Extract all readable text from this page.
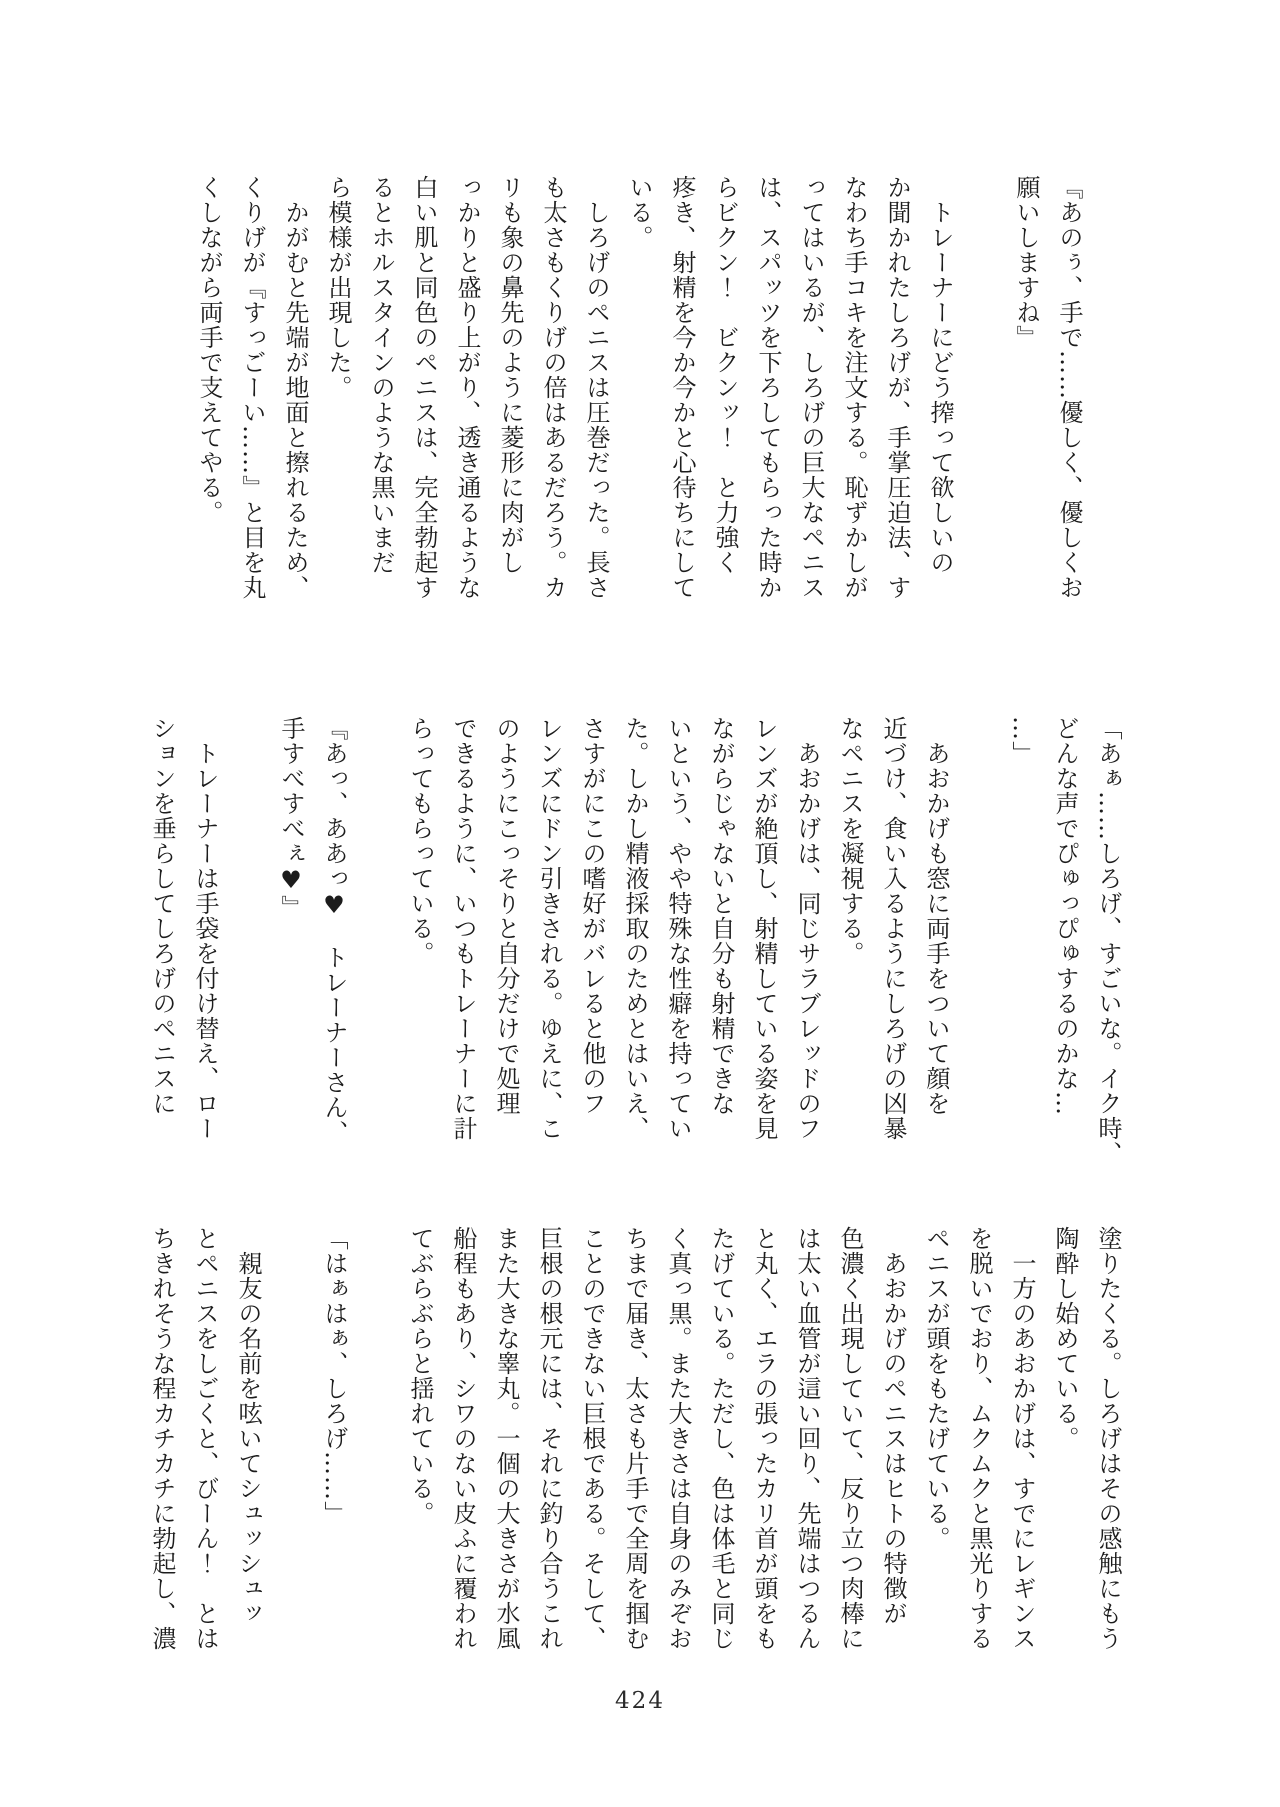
『あのぅ、手で……優しく、優しくお
願いしますね』

　トレーナーにどう搾って欲しいの
か聞かれたしろげが、手掌圧迫法、す
なわち手コキを注文する。恥ずかしが
ってはいるが、しろげの巨大なペニス
は、スパッツを下ろしてもらった時か
らビクン！　ビクンッ！　と力強く
疼き、射精を今か今かと心待ちにして
いる。
　しろげのペニスは圧巻だった。長さ
も太さもくりげの倍はあるだろう。カ
リも象の鼻先のように菱形に肉がし
っかりと盛り上がり、透き通るような
白い肌と同色のペニスは、完全勃起す
るとホルスタインのような黒いまだ
ら模様が出現した。
　かがむと先端が地面と擦れるため、
くりげが『すっごーい……』と目を丸
くしながら両手で支えてやる。
「あぁ……しろげ、すごいな。イク時、
どんな声でぴゅっぴゅするのかな…
…」

　あおかげも窓に両手をついて顔を
近づけ、食い入るようにしろげの凶暴
なペニスを凝視する。
　あおかげは、同じサラブレッドのフ
レンズが絶頂し、射精している姿を見
ながらじゃないと自分も射精できな
いという、やや特殊な性癖を持ってい
た。しかし精液採取のためとはいえ、
さすがにこの嗜好がバレると他のフ
レンズにドン引きされる。ゆえに、こ
のようにこっそりと自分だけで処理
できるように、いつもトレーナーに計
らってもらっている。

『あっ、ああっ♥　トレーナーさん、
手すべすべぇ♥』

　トレーナーは手袋を付け替え、ロー
ションを垂らしてしろげのペニスに
塗りたくる。しろげはその感触にもう
陶酔し始めている。
　一方のあおかげは、すでにレギンス
を脱いでおり、ムクムクと黒光りする
ペニスが頭をもたげている。
　あおかげのペニスはヒトの特徴が
色濃く出現していて、反り立つ肉棒に
は太い血管が這い回り、先端はつるん
と丸く、エラの張ったカリ首が頭をも
たげている。ただし、色は体毛と同じ
く真っ黒。また大きさは自身のみぞお
ちまで届き、太さも片手で全周を掴む
ことのできない巨根である。そして、
巨根の根元には、それに釣り合うこれ
また大きな睾丸。一個の大きさが水風
船程もあり、シワのない皮ふに覆われ
てぶらぶらと揺れている。

「はぁはぁ、しろげ……」

　親友の名前を呟いてシュッシュッ
とペニスをしごくと、びーん！　とは
ちきれそうな程カチカチに勃起し、濃
424
